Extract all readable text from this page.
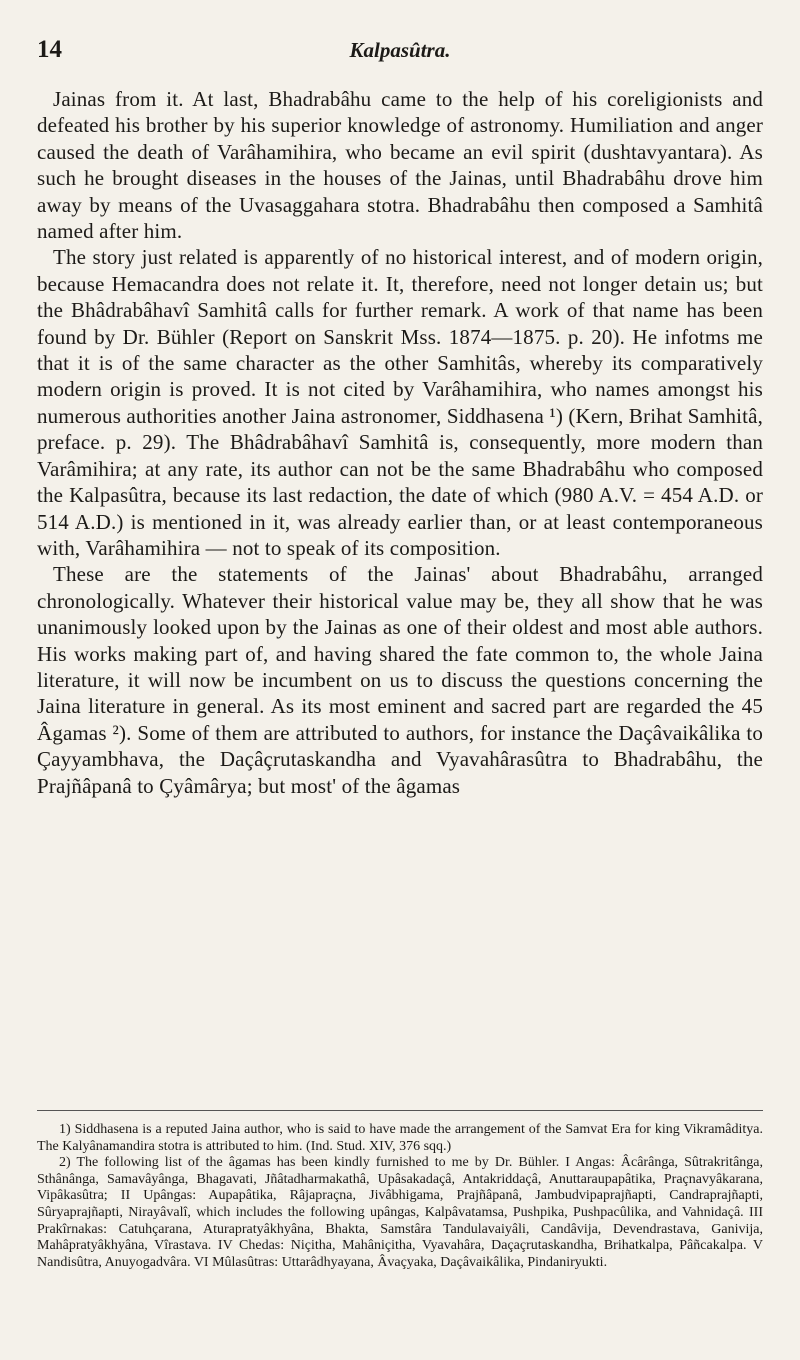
14	Kalpasûtra.

Jainas from it. At last, Bhadrabâhu came to the help of his coreligionists and defeated his brother by his superior knowledge of astronomy. Humiliation and anger caused the death of Varâhamihira, who became an evil spirit (dushtavyantara). As such he brought diseases in the houses of the Jainas, until Bhadrabâhu drove him away by means of the Uvasaggahara stotra. Bhadrabâhu then composed a Samhitâ named after him.

The story just related is apparently of no historical interest, and of modern origin, because Hemacandra does not relate it. It, therefore, need not longer detain us; but the Bhâdrabâhavî Samhitâ calls for further remark. A work of that name has been found by Dr. Bühler (Report on Sanskrit Mss. 1874—1875. p. 20). He infotms me that it is of the same character as the other Samhitâs, whereby its comparatively modern origin is proved. It is not cited by Varâhamihira, who names amongst his numerous authorities another Jaina astronomer, Siddhasena ¹) (Kern, Brihat Samhitâ, preface. p. 29). The Bhâdrabâhavî Samhitâ is, consequently, more modern than Varâmihira; at any rate, its author can not be the same Bhadrabâhu who composed the Kalpasûtra, because its last redaction, the date of which (980 A.V. = 454 A.D. or 514 A.D.) is mentioned in it, was already earlier than, or at least contemporaneous with, Varâhamihira — not to speak of its composition.

These are the statements of the Jainas' about Bhadrabâhu, arranged chronologically. Whatever their historical value may be, they all show that he was unanimously looked upon by the Jainas as one of their oldest and most able authors. His works making part of, and having shared the fate common to, the whole Jaina literature, it will now be incumbent on us to discuss the questions concerning the Jaina literature in general. As its most eminent and sacred part are regarded the 45 Âgamas ²). Some of them are attributed to authors, for instance the Daçâvaikâlika to Çayyambhava, the Daçâçrutaskandha and Vyavahârasûtra to Bhadrabâhu, the Prajñâpanâ to Çyâmârya; but most' of the âgamas

1) Siddhasena is a reputed Jaina author, who is said to have made the arrangement of the Samvat Era for king Vikramâditya. The Kalyânamandira stotra is attributed to him. (Ind. Stud. XIV, 376 sqq.)

2) The following list of the âgamas has been kindly furnished to me by Dr. Bühler. I Angas: Âcârânga, Sûtrakritânga, Sthânânga, Samavâyânga, Bhagavati, Jñâtadharmakathâ, Upâsakadaçâ, Antakriddaçâ, Anuttaraupapâtika, Praçnavyâkarana, Vipâkasûtra; II Upângas: Aupapâtika, Râjapraçna, Jivâbhigama, Prajñâpanâ, Jambudvipaprajñapti, Candraprajñapti, Sûryaprajñapti, Nirayâvalî, which includes the following upângas, Kalpâvatamsa, Pushpika, Pushpacûlika, and Vahnidaçâ. III Prakîrnakas: Catuhçarana, Aturapratyâkhyâna, Bhakta, Samstâra Tandulavaiyâli, Candâvija, Devendrastava, Ganivija, Mahâpratyâkhyâna, Vîrastava. IV Chedas: Niçitha, Mahâniçitha, Vyavahâra, Daçaçrutaskandha, Brihatkalpa, Pâñcakalpa. V Nandisûtra, Anuyogadvâra. VI Mûlasûtras: Uttarâdhyayana, Âvaçyaka, Daçâvaikâlika, Pindaniryukti.
